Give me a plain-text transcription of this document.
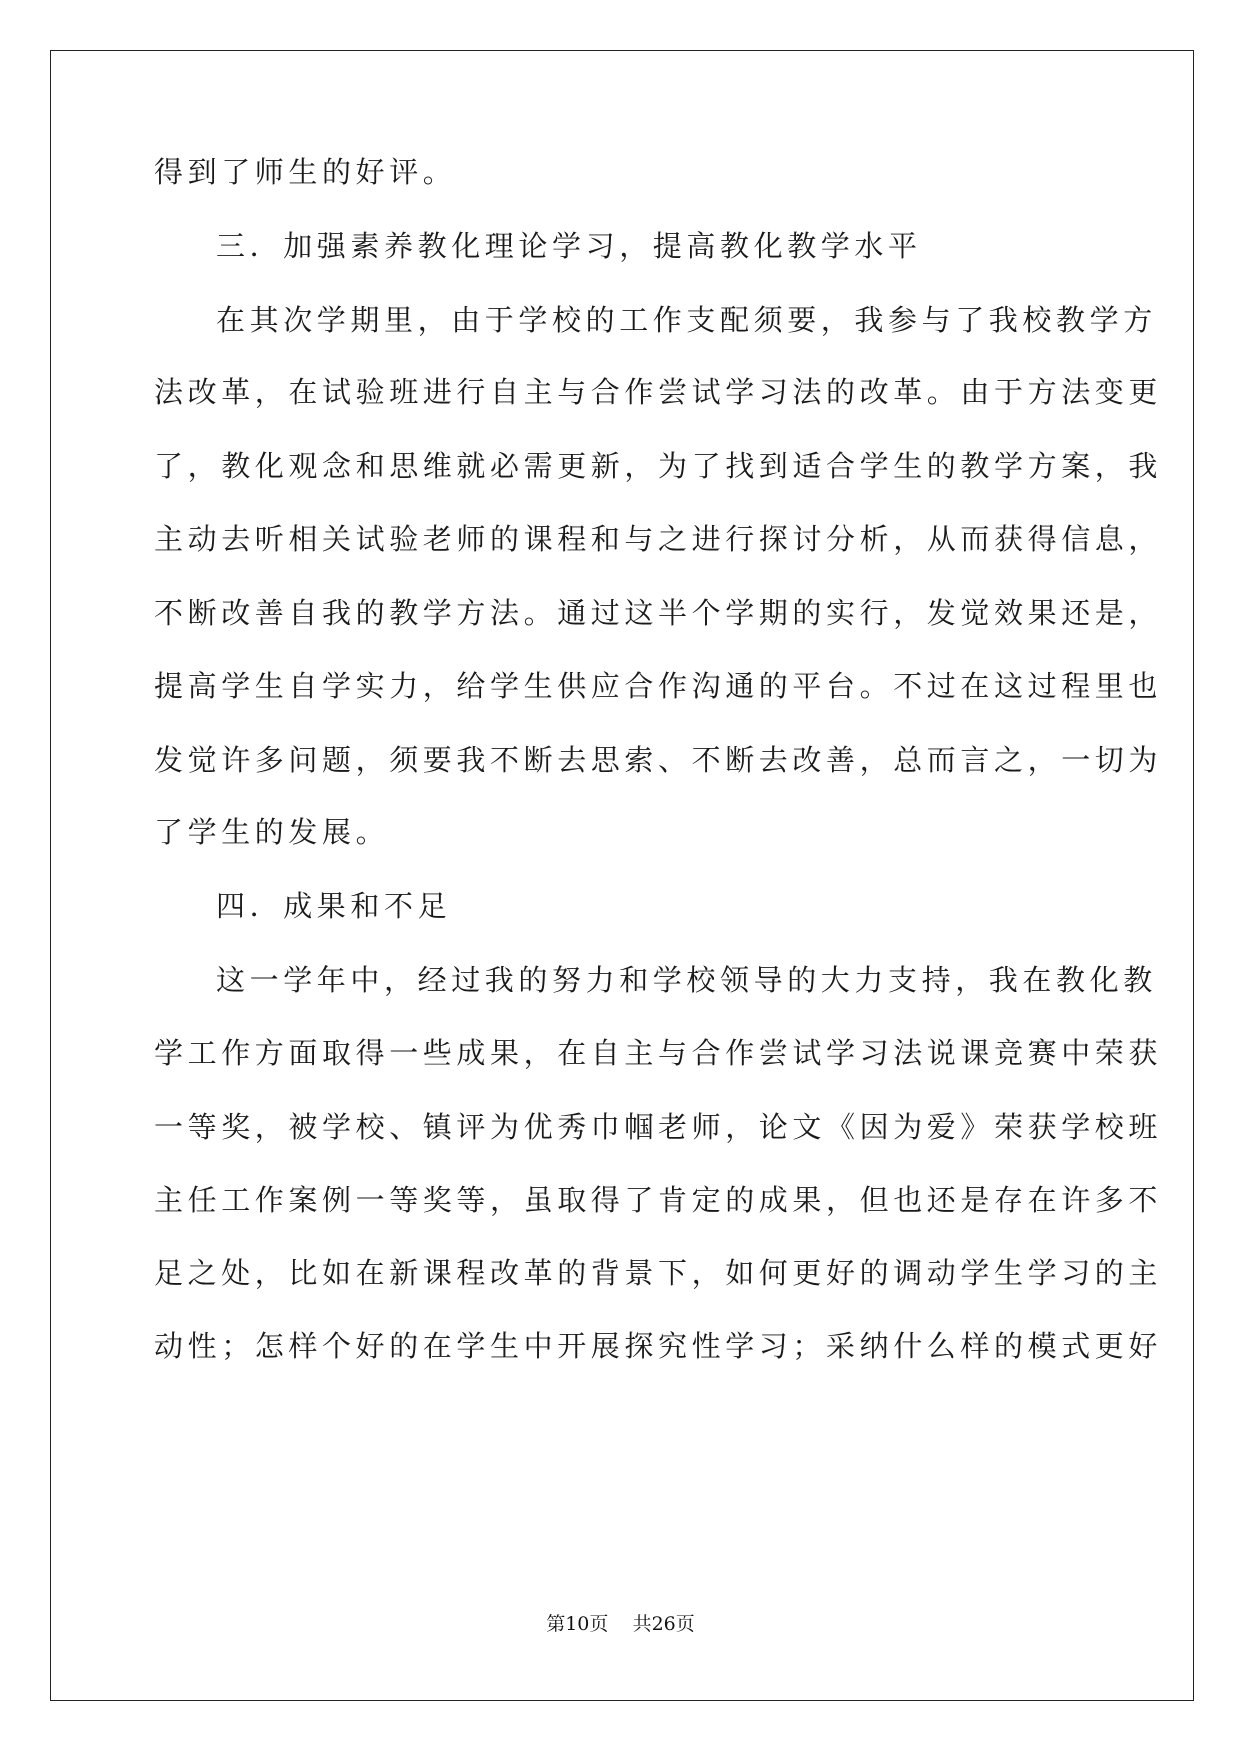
得到了师生的好评。

三．加强素养教化理论学习，提高教化教学水平

在其次学期里，由于学校的工作支配须要，我参与了我校教学方

法改革，在试验班进行自主与合作尝试学习法的改革。由于方法变更

了，教化观念和思维就必需更新，为了找到适合学生的教学方案，我

主动去听相关试验老师的课程和与之进行探讨分析，从而获得信息，

不断改善自我的教学方法。通过这半个学期的实行，发觉效果还是，

提高学生自学实力，给学生供应合作沟通的平台。不过在这过程里也

发觉许多问题，须要我不断去思索、不断去改善，总而言之，一切为

了学生的发展。

四．成果和不足

这一学年中，经过我的努力和学校领导的大力支持，我在教化教

学工作方面取得一些成果，在自主与合作尝试学习法说课竞赛中荣获

一等奖，被学校、镇评为优秀巾帼老师，论文《因为爱》荣获学校班

主任工作案例一等奖等，虽取得了肯定的成果，但也还是存在许多不

足之处，比如在新课程改革的背景下，如何更好的调动学生学习的主

动性；怎样个好的在学生中开展探究性学习；采纳什么样的模式更好

第10页 共26页
